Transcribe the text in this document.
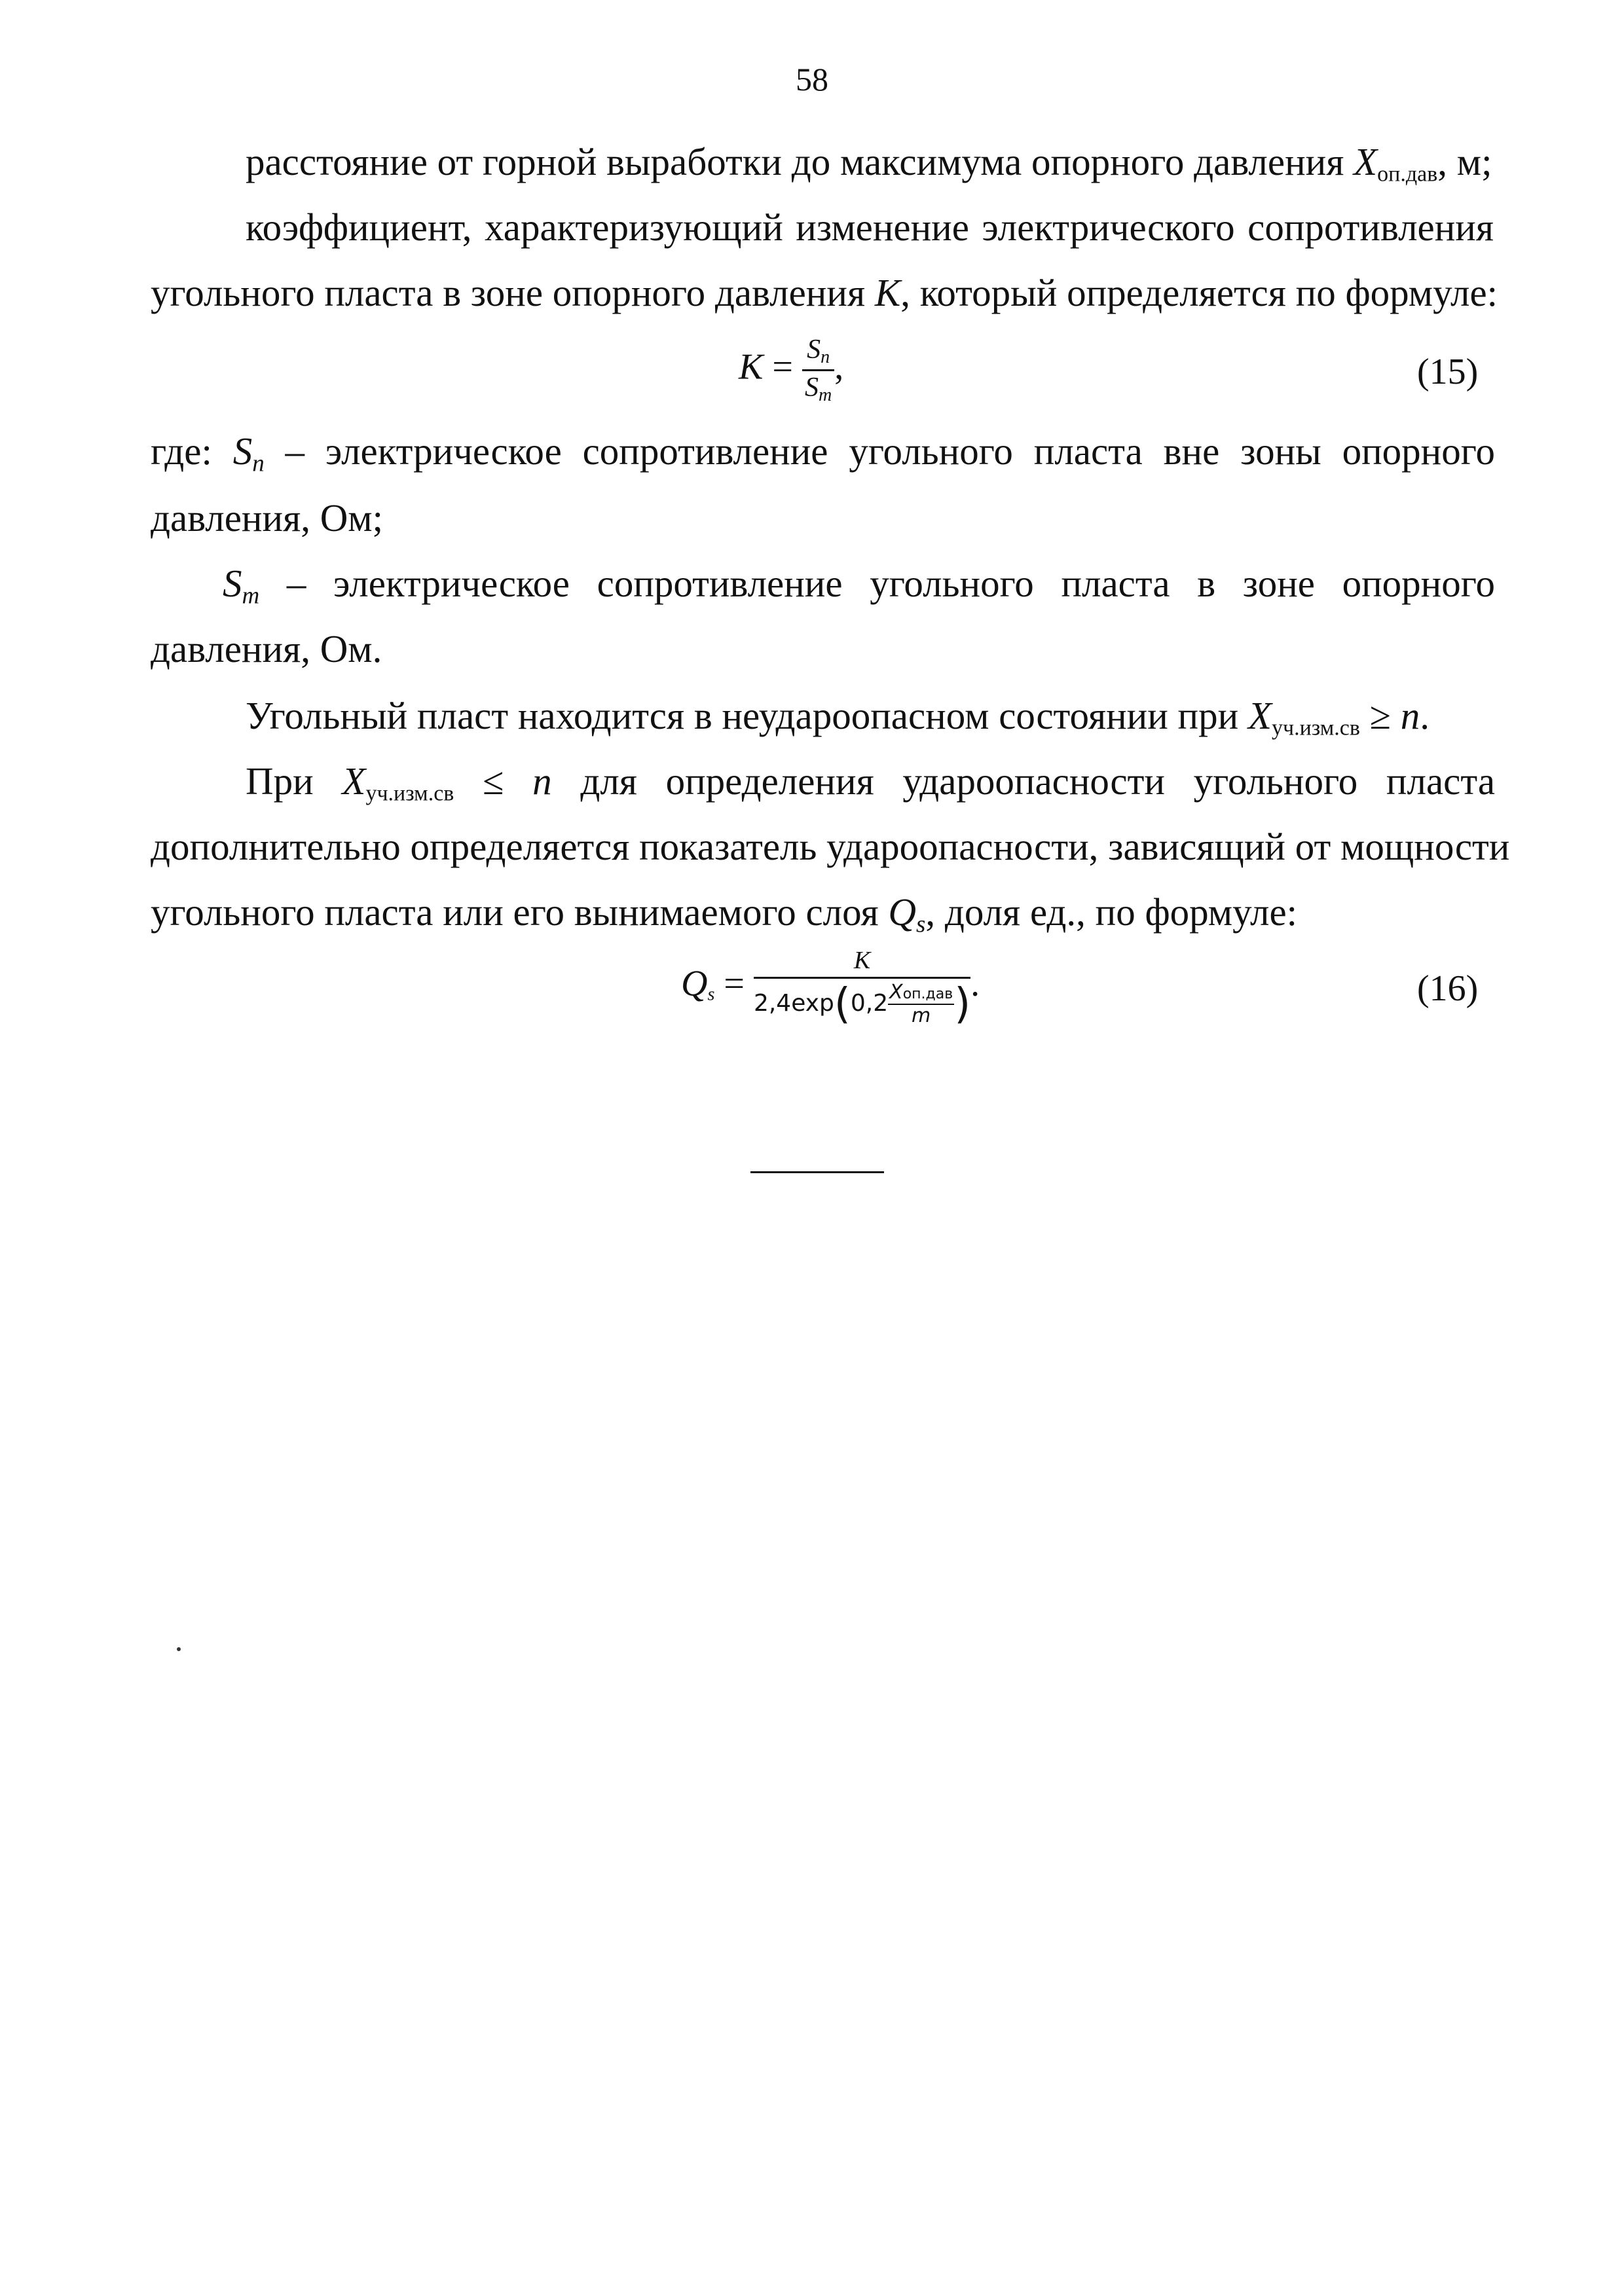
58
расстояние от горной выработки до максимума опорного давления $X_{оп.дав}$, м;
коэффициент, характеризующий изменение электрического сопротивления
угольного пласта в зоне опорного давления K, который определяется по формуле:
$K = \frac{Sn}{Sm}$ ,	(15)
где: Sn – электрическое сопротивление угольного пласта вне зоны опорного
давления, Ом;
Sm – электрическое сопротивление угольного пласта в зоне опорного
давления, Ом.
Угольный пласт находится в неудароопасном состоянии при $X_{уч.изм.св} \ge n$.
При $X_{уч.изм.св} \le n$ для определения удароопасности угольного пласта
дополнительно определяется показатель удароопасности, зависящий от мощности
угольного пласта или его вынимаемого слоя Qs, доля ед., по формуле:
$Qs = \frac{K}{2,4\exp(0,2 \frac{\text{Xоп.дав}}{m} )}$ .	(16)
